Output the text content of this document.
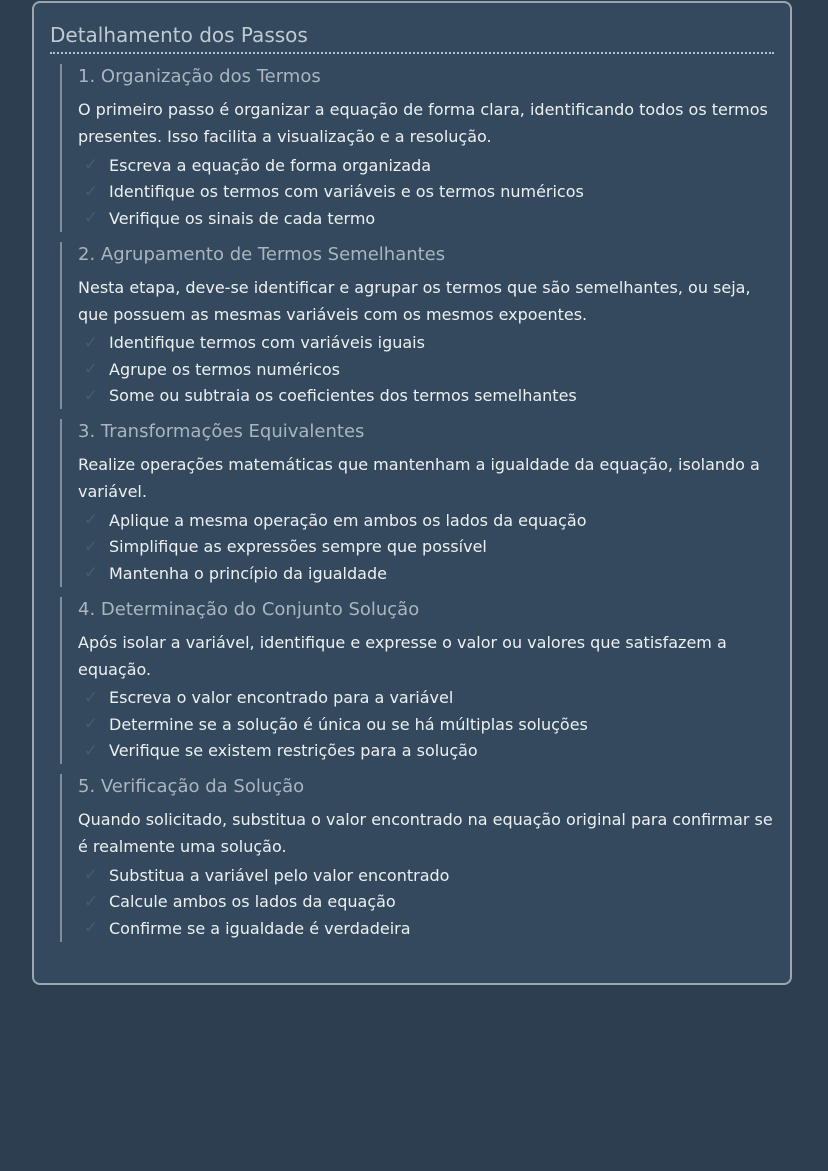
Detalhamento dos Passos
1. Organização dos Termos

O primeiro passo é organizar a equação de forma clara, identificando todos os termos presentes. Isso facilita a visualização e a resolução.

✓ Escreva a equação de forma organizada
✓ Identifique os termos com variáveis e os termos numéricos
✓ Verifique os sinais de cada termo
2. Agrupamento de Termos Semelhantes

Nesta etapa, deve-se identificar e agrupar os termos que são semelhantes, ou seja, que possuem as mesmas variáveis com os mesmos expoentes.

✓ Identifique termos com variáveis iguais
✓ Agrupe os termos numéricos
✓ Some ou subtraia os coeficientes dos termos semelhantes
3. Transformações Equivalentes

Realize operações matemáticas que mantenham a igualdade da equação, isolando a variável.

✓ Aplique a mesma operação em ambos os lados da equação
✓ Simplifique as expressões sempre que possível
✓ Mantenha o princípio da igualdade
4. Determinação do Conjunto Solução

Após isolar a variável, identifique e expresse o valor ou valores que satisfazem a equação.

✓ Escreva o valor encontrado para a variável
✓ Determine se a solução é única ou se há múltiplas soluções
✓ Verifique se existem restrições para a solução
5. Verificação da Solução

Quando solicitado, substitua o valor encontrado na equação original para confirmar se é realmente uma solução.

✓ Substitua a variável pelo valor encontrado
✓ Calcule ambos os lados da equação
✓ Confirme se a igualdade é verdadeira
